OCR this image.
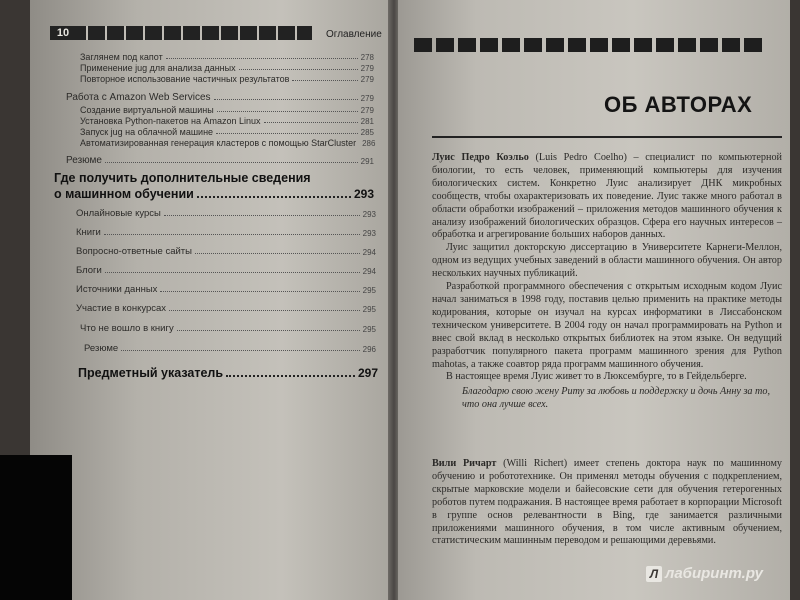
10	Оглавление
Заглянем под капот	278
Применение jug для анализа данных	279
Повторное использование частичных результатов	279
Работа с Amazon Web Services	279
Создание виртуальной машины	279
Установка Python-пакетов на Amazon Linux	281
Запуск jug на облачной машине	285
Автоматизированная генерация кластеров с помощью StarCluster 286
Резюме	291
Где получить дополнительные сведения
о машинном обучении	293
Онлайновые курсы	293
Книги	293
Вопросно-ответные сайты	294
Блоги	294
Источники данных	295
Участие в конкурсах	295
Что не вошло в книгу	295
Резюме	296
Предметный указатель	297
ОБ АВТОРАХ

Луис Педро Коэльо (Luis Pedro Coelho) – специалист по компьютерной биологии, то есть человек, применяющий компьютеры для изучения биологических систем. Конкретно Луис анализирует ДНК микробных сообществ, чтобы охарактеризовать их поведение. Луис также много работал в области обработки изображений – приложения методов машинного обучения к анализу изображений биологических образцов. Сфера его научных интересов – обработка и агрегирование больших наборов данных.

Луис защитил докторскую диссертацию в Университете Карнеги-Меллон, одном из ведущих учебных заведений в области машинного обучения. Он автор нескольких научных публикаций.

Разработкой программного обеспечения с открытым исходным кодом Луис начал заниматься в 1998 году, поставив целью применить на практике методы кодирования, которые он изучал на курсах информатики в Лиссабонском техническом университете. В 2004 году он начал программировать на Python и внес свой вклад в несколько открытых библиотек на этом языке. Он ведущий разработчик популярного пакета программ машинного зрения для Python mahotas, а также соавтор ряда программ машинного обучения.

В настоящее время Луис живет то в Люксембурге, то в Гейдельберге.

Благодарю свою жену Риту за любовь и поддержку и дочь Анну за то, что она лучше всех.

Вили Ричарт (Willi Richert) имеет степень доктора наук по машинному обучению и робототехнике. Он применял методы обучения с подкреплением, скрытые марковские модели и байесовские сети для обучения гетерогенных роботов путем подражания. В настоящее время работает в корпорации Microsoft в группе основ релевантности в Bing, где занимается различными приложениями машинного обучения, в том числе активным обучением, статистическим машинным переводом и решающими деревьями.

Л лабиринт.ру
